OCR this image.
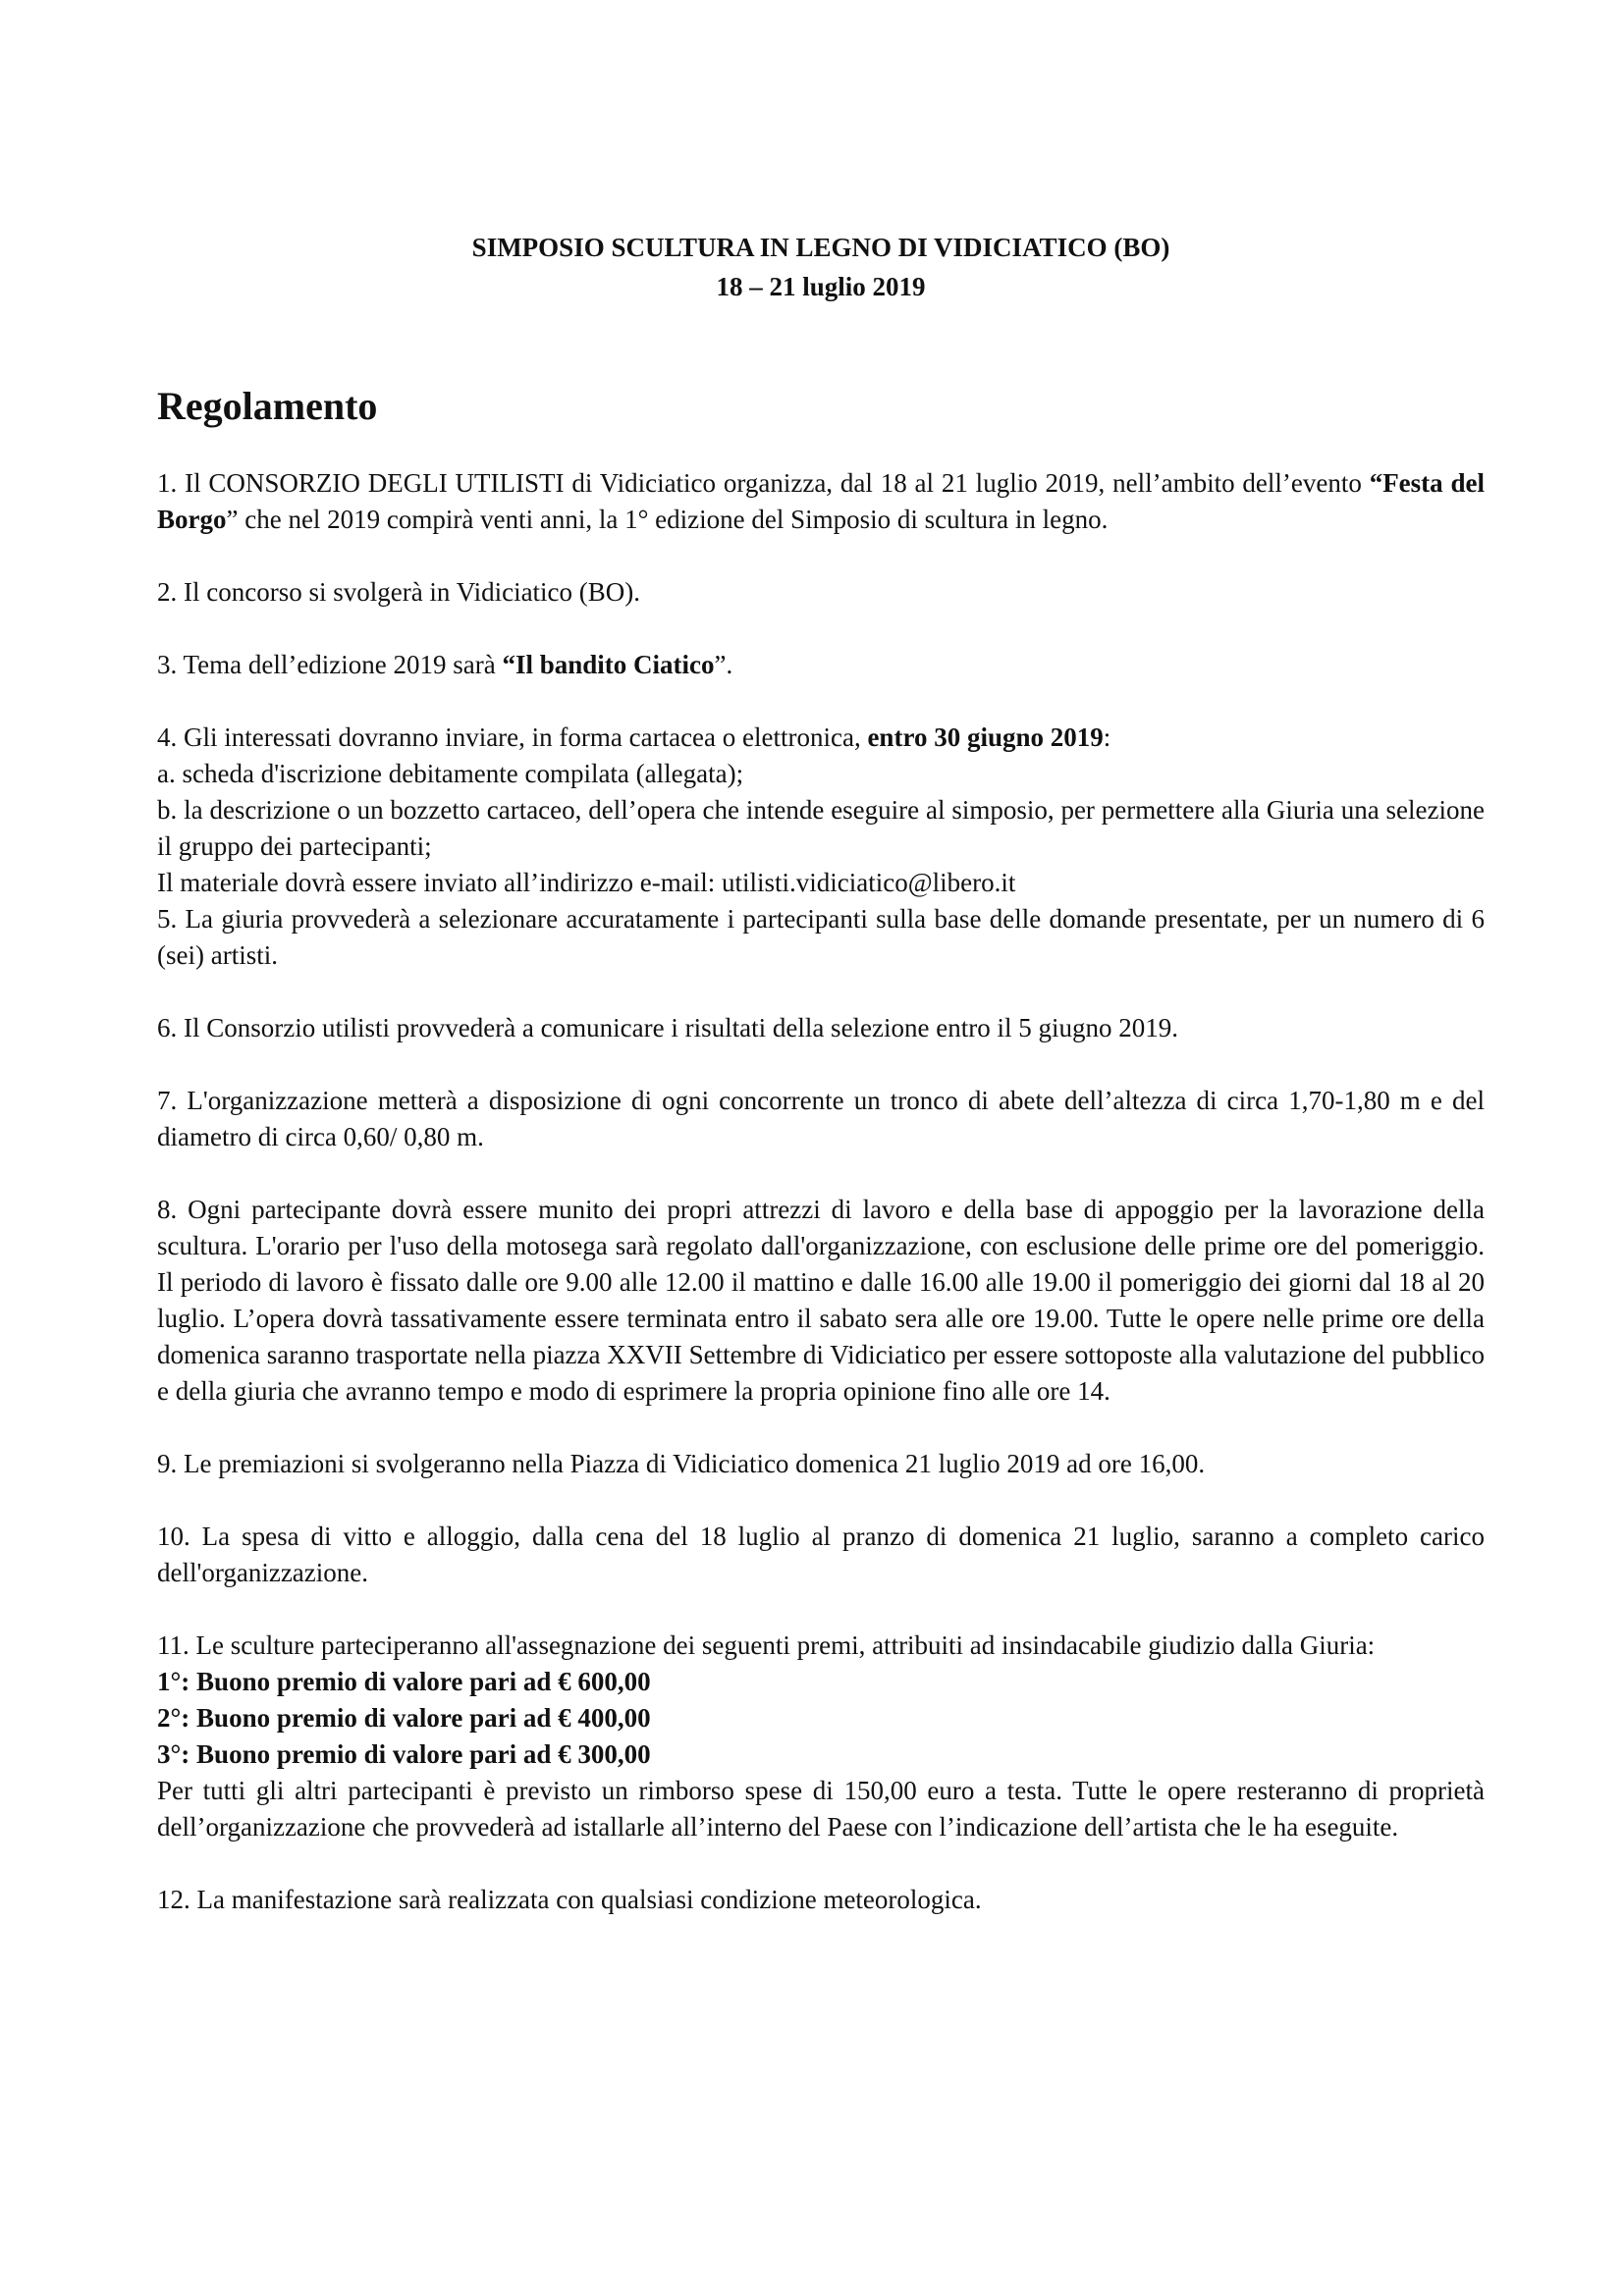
SIMPOSIO SCULTURA IN LEGNO DI VIDICIATICO (BO)
18 – 21 luglio 2019
Regolamento

1. Il CONSORZIO DEGLI UTILISTI di Vidiciatico organizza, dal 18 al 21 luglio 2019, nell’ambito dell’evento “Festa del Borgo” che nel 2019 compirà venti anni, la 1° edizione del Simposio di scultura in legno.

2. Il concorso si svolgerà in Vidiciatico (BO).

3. Tema dell’edizione 2019 sarà “Il bandito Ciatico”.

4. Gli interessati dovranno inviare, in forma cartacea o elettronica, entro 30 giugno 2019:

a. scheda d'iscrizione debitamente compilata (allegata);

b. la descrizione o un bozzetto cartaceo, dell’opera che intende eseguire al simposio, per permettere alla Giuria una selezione il gruppo dei partecipanti;

Il materiale dovrà essere inviato all’indirizzo e-mail: utilisti.vidiciatico@libero.it

5. La giuria provvederà a selezionare accuratamente i partecipanti sulla base delle domande presentate, per un numero di 6 (sei) artisti.

6. Il Consorzio utilisti provvederà a comunicare i risultati della selezione entro il 5 giugno 2019.

7. L'organizzazione metterà a disposizione di ogni concorrente un tronco di abete dell’altezza di circa 1,70-1,80 m e del diametro di circa 0,60/ 0,80 m.

8. Ogni partecipante dovrà essere munito dei propri attrezzi di lavoro e della base di appoggio per la lavorazione della scultura. L'orario per l'uso della motosega sarà regolato dall'organizzazione, con esclusione delle prime ore del pomeriggio. Il periodo di lavoro è fissato dalle ore 9.00 alle 12.00 il mattino e dalle 16.00 alle 19.00 il pomeriggio dei giorni dal 18 al 20 luglio. L’opera dovrà tassativamente essere terminata entro il sabato sera alle ore 19.00. Tutte le opere nelle prime ore della domenica saranno trasportate nella piazza XXVII Settembre di Vidiciatico per essere sottoposte alla valutazione del pubblico e della giuria che avranno tempo e modo di esprimere la propria opinione fino alle ore 14.

9. Le premiazioni si svolgeranno nella Piazza di Vidiciatico domenica 21 luglio 2019 ad ore 16,00.

10. La spesa di vitto e alloggio, dalla cena del 18 luglio al pranzo di domenica 21 luglio, saranno a completo carico dell'organizzazione.

11. Le sculture parteciperanno all'assegnazione dei seguenti premi, attribuiti ad insindacabile giudizio dalla Giuria:

1°: Buono premio di valore pari ad € 600,00

2°: Buono premio di valore pari ad € 400,00

3°: Buono premio di valore pari ad € 300,00

Per tutti gli altri partecipanti è previsto un rimborso spese di 150,00 euro a testa. Tutte le opere resteranno di proprietà dell’organizzazione che provvederà ad istallarle all’interno del Paese con l’indicazione dell’artista che le ha eseguite.

12. La manifestazione sarà realizzata con qualsiasi condizione meteorologica.
